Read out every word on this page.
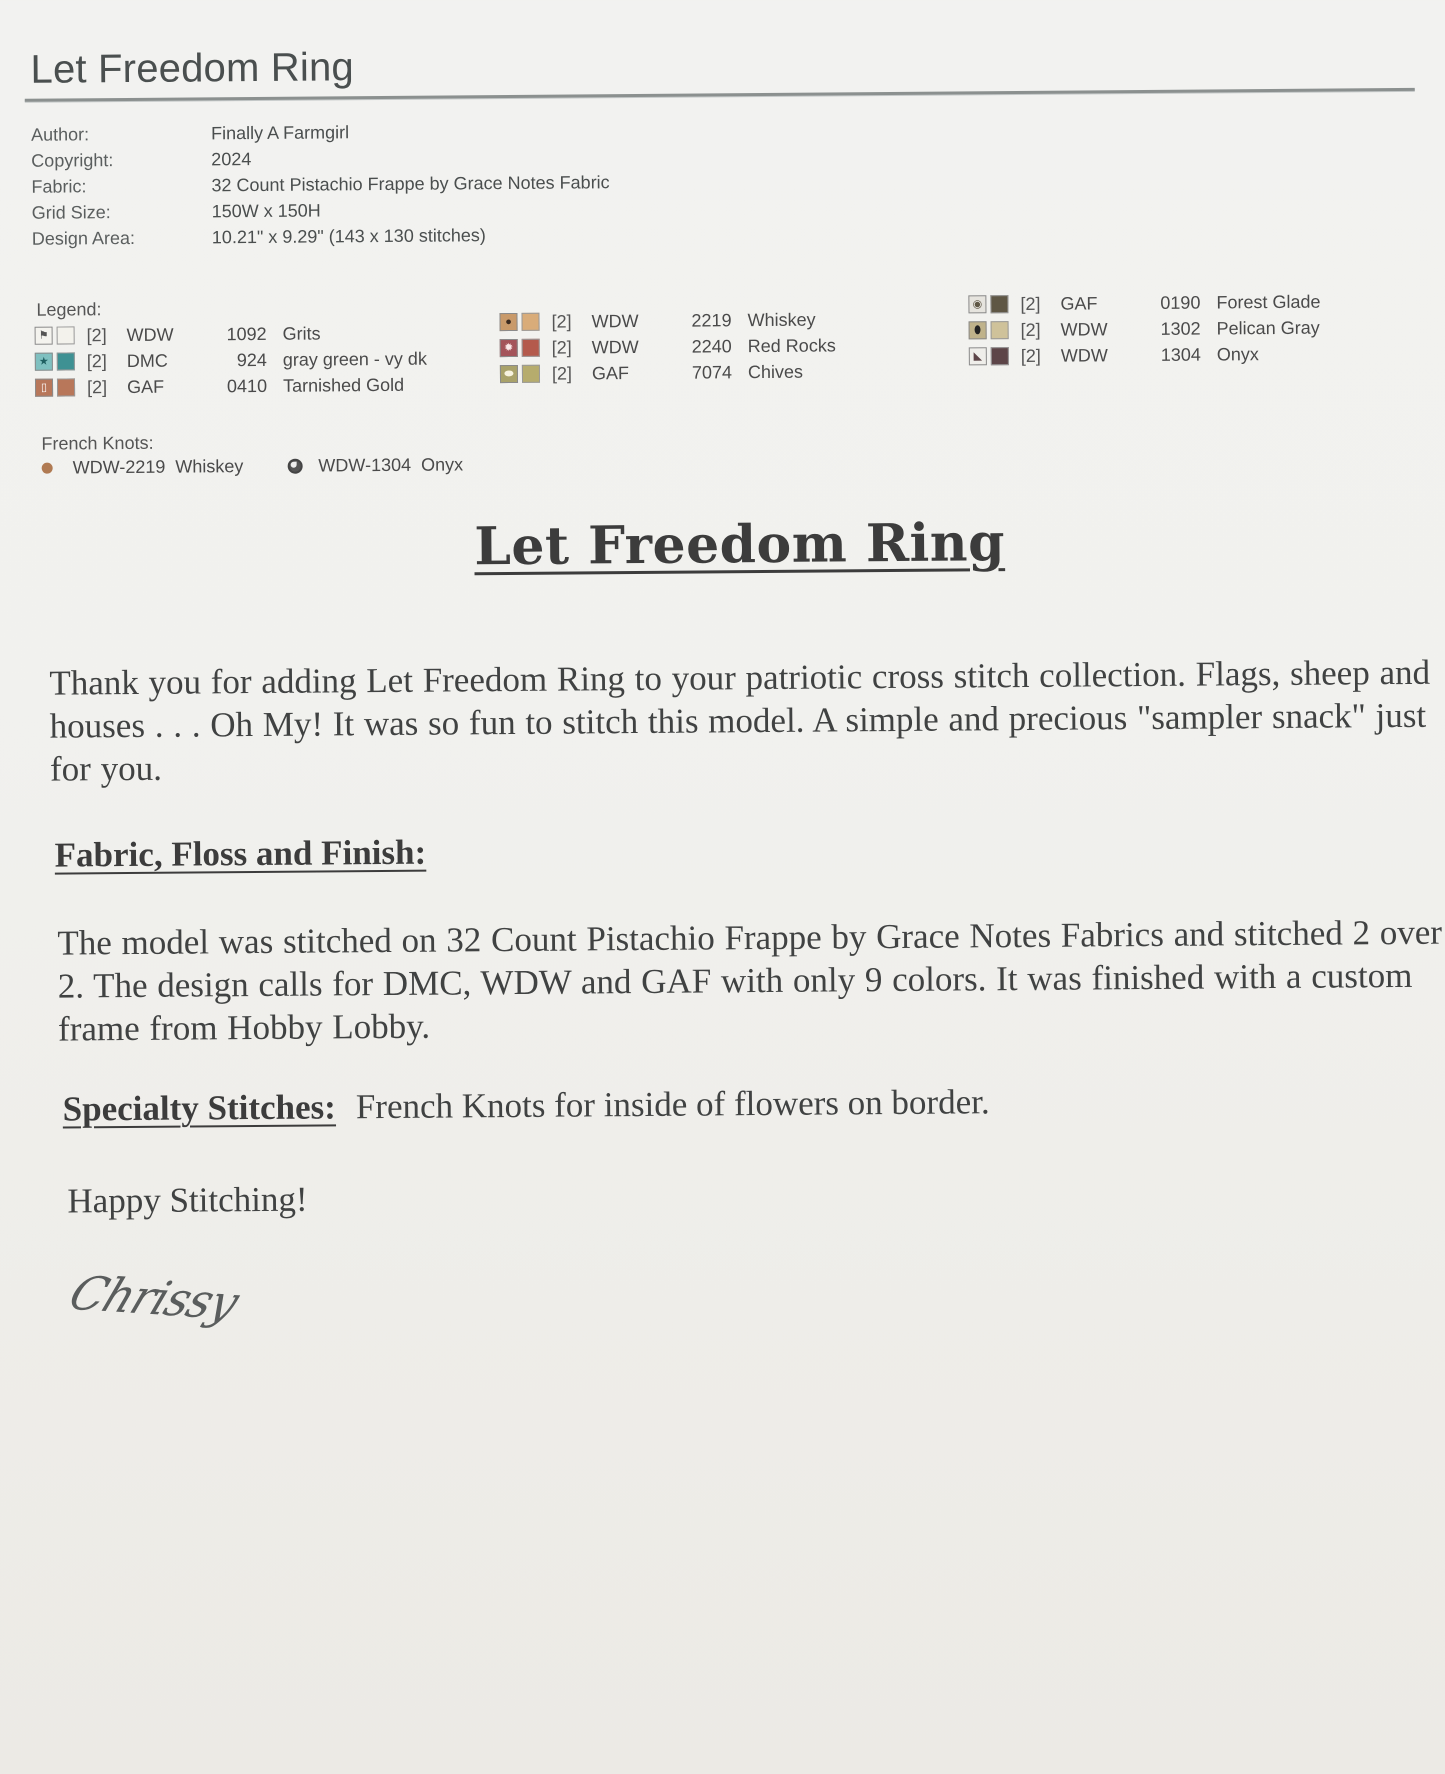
Let Freedom Ring
Author:	Finally A Farmgirl
Copyright:	2024
Fabric:	32 Count Pistachio Frappe by Grace Notes Fabric
Grid Size:	150W x 150H
Design Area:	10.21" x 9.29" (143 x 130 stitches)
Legend:
⚑ [2]	WDW	1092 Grits
★ [2]	DMC	924 gray green - vy dk
▯	[2]	GAF	0410 Tarnished Gold
●	[2]	WDW	2219 Whiskey
✹ [2]	WDW	2240 Red Rocks
⬬ [2]	GAF	7074 Chives
◉ [2]	GAF	0190 Forest Glade
⬮	[2]	WDW	1302 Pelican Gray
◣ [2]	WDW	1304 Onyx
French Knots:
WDW-2219 Whiskey	WDW-1304 Onyx
Let Freedom Ring
Thank you for adding Let Freedom Ring to your patriotic cross stitch collection. Flags, sheep and houses . . . Oh My! It was so fun to stitch this model. A simple and precious "sampler snack" just for you.
Fabric, Floss and Finish:
The model was stitched on 32 Count Pistachio Frappe by Grace Notes Fabrics and stitched 2 over 2. The design calls for DMC, WDW and GAF with only 9 colors. It was finished with a custom frame from Hobby Lobby.
Specialty Stitches: French Knots for inside of flowers on border.
Happy Stitching!
Chrissy
